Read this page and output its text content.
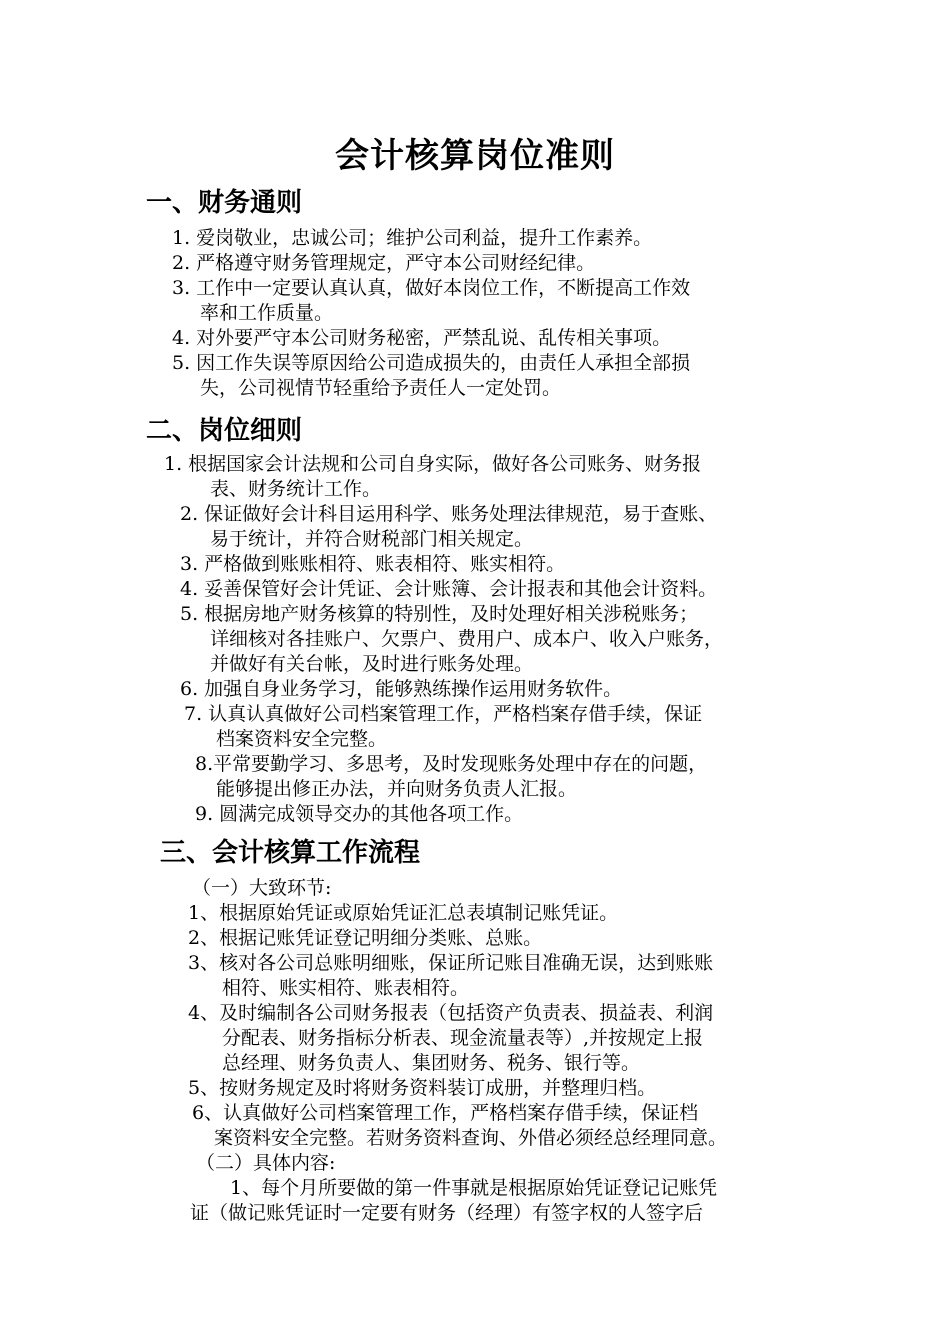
会计核算岗位准则
一、财务通则
1. 爱岗敬业，忠诚公司；维护公司利益，提升工作素养。
2. 严格遵守财务管理规定，严守本公司财经纪律。
3. 工作中一定要认真认真，做好本岗位工作，不断提高工作效
率和工作质量。
4. 对外要严守本公司财务秘密，严禁乱说、乱传相关事项。
5. 因工作失误等原因给公司造成损失的，由责任人承担全部损
失，公司视情节轻重给予责任人一定处罚。
二、岗位细则
1. 根据国家会计法规和公司自身实际，做好各公司账务、财务报
表、财务统计工作。
2. 保证做好会计科目运用科学、账务处理法律规范，易于查账、
易于统计，并符合财税部门相关规定。
3. 严格做到账账相符、账表相符、账实相符。
4. 妥善保管好会计凭证、会计账簿、会计报表和其他会计资料。
5. 根据房地产财务核算的特别性，及时处理好相关涉税账务；
详细核对各挂账户、欠票户、费用户、成本户、收入户账务，
并做好有关台帐，及时进行账务处理。
6. 加强自身业务学习，能够熟练操作运用财务软件。
7. 认真认真做好公司档案管理工作，严格档案存借手续，保证
档案资料安全完整。
8.平常要勤学习、多思考，及时发现账务处理中存在的问题，
能够提出修正办法，并向财务负责人汇报。
9. 圆满完成领导交办的其他各项工作。
三、会计核算工作流程
（一）大致环节:
1、根据原始凭证或原始凭证汇总表填制记账凭证。
2、根据记账凭证登记明细分类账、总账。
3、核对各公司总账明细账，保证所记账目准确无误，达到账账
相符、账实相符、账表相符。
4、及时编制各公司财务报表（包括资产负责表、损益表、利润
分配表、财务指标分析表、现金流量表等）,并按规定上报
总经理、财务负责人、集团财务、税务、银行等。
5、按财务规定及时将财务资料装订成册，并整理归档。
6、认真做好公司档案管理工作，严格档案存借手续，保证档
案资料安全完整。若财务资料查询、外借必须经总经理同意。
（二）具体内容:
1、每个月所要做的第一件事就是根据原始凭证登记记账凭
证（做记账凭证时一定要有财务（经理）有签字权的人签字后
